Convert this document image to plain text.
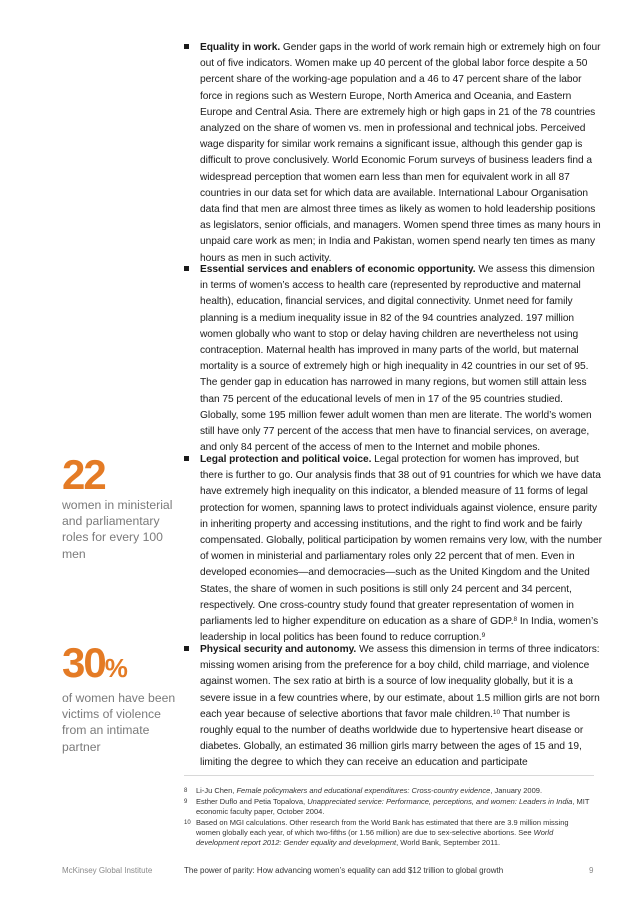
Equality in work. Gender gaps in the world of work remain high or extremely high on four out of five indicators. Women make up 40 percent of the global labor force despite a 50 percent share of the working-age population and a 46 to 47 percent share of the labor force in regions such as Western Europe, North America and Oceania, and Eastern Europe and Central Asia. There are extremely high or high gaps in 21 of the 78 countries analyzed on the share of women vs. men in professional and technical jobs. Perceived wage disparity for similar work remains a significant issue, although this gender gap is difficult to prove conclusively. World Economic Forum surveys of business leaders find a widespread perception that women earn less than men for equivalent work in all 87 countries in our data set for which data are available. International Labour Organisation data find that men are almost three times as likely as women to hold leadership positions as legislators, senior officials, and managers. Women spend three times as many hours in unpaid care work as men; in India and Pakistan, women spend nearly ten times as many hours as men in such activity.

Essential services and enablers of economic opportunity. We assess this dimension in terms of women’s access to health care (represented by reproductive and maternal health), education, financial services, and digital connectivity. Unmet need for family planning is a medium inequality issue in 82 of the 94 countries analyzed. 197 million women globally who want to stop or delay having children are nevertheless not using contraception. Maternal health has improved in many parts of the world, but maternal mortality is a source of extremely high or high inequality in 42 countries in our set of 95. The gender gap in education has narrowed in many regions, but women still attain less than 75 percent of the educational levels of men in 17 of the 95 countries studied. Globally, some 195 million fewer adult women than men are literate. The world’s women still have only 77 percent of the access that men have to financial services, on average, and only 84 percent of the access of men to the Internet and mobile phones.

Legal protection and political voice. Legal protection for women has improved, but there is further to go. Our analysis finds that 38 out of 91 countries for which we have data have extremely high inequality on this indicator, a blended measure of 11 forms of legal protection for women, spanning laws to protect individuals against violence, ensure parity in inheriting property and accessing institutions, and the right to find work and be fairly compensated. Globally, political participation by women remains very low, with the number of women in ministerial and parliamentary roles only 22 percent that of men. Even in developed economies—and democracies—such as the United Kingdom and the United States, the share of women in such positions is still only 24 percent and 34 percent, respectively. One cross-country study found that greater representation of women in parliaments led to higher expenditure on education as a share of GDP.$^8$ In India, women’s leadership in local politics has been found to reduce corruption.$^9$

Physical security and autonomy. We assess this dimension in terms of three indicators: missing women arising from the preference for a boy child, child marriage, and violence against women. The sex ratio at birth is a source of low inequality globally, but it is a severe issue in a few countries where, by our estimate, about 1.5 million girls are not born each year because of selective abortions that favor male children.$^{10}$ That number is roughly equal to the number of deaths worldwide due to hypertensive heart disease or diabetes. Globally, an estimated 36 million girls marry between the ages of 15 and 19, limiting the degree to which they can receive an education and participate

22
women in ministerial and parliamentary roles for every 100 men
30%
of women have been victims of violence from an intimate partner
8 Li-Ju Chen, Female policymakers and educational expenditures: Cross-country evidence, January 2009.
9 Esther Duflo and Petia Topalova, Unappreciated service: Performance, perceptions, and women: Leaders in India, MIT economic faculty paper, October 2004.
10 Based on MGI calculations. Other research from the World Bank has estimated that there are 3.9 million missing women globally each year, of which two-fifths (or 1.56 million) are due to sex-selective abortions. See World development report 2012: Gender equality and development, World Bank, September 2011.
McKinsey Global Institute	The power of parity: How advancing women’s equality can add $12 trillion to global growth	9
